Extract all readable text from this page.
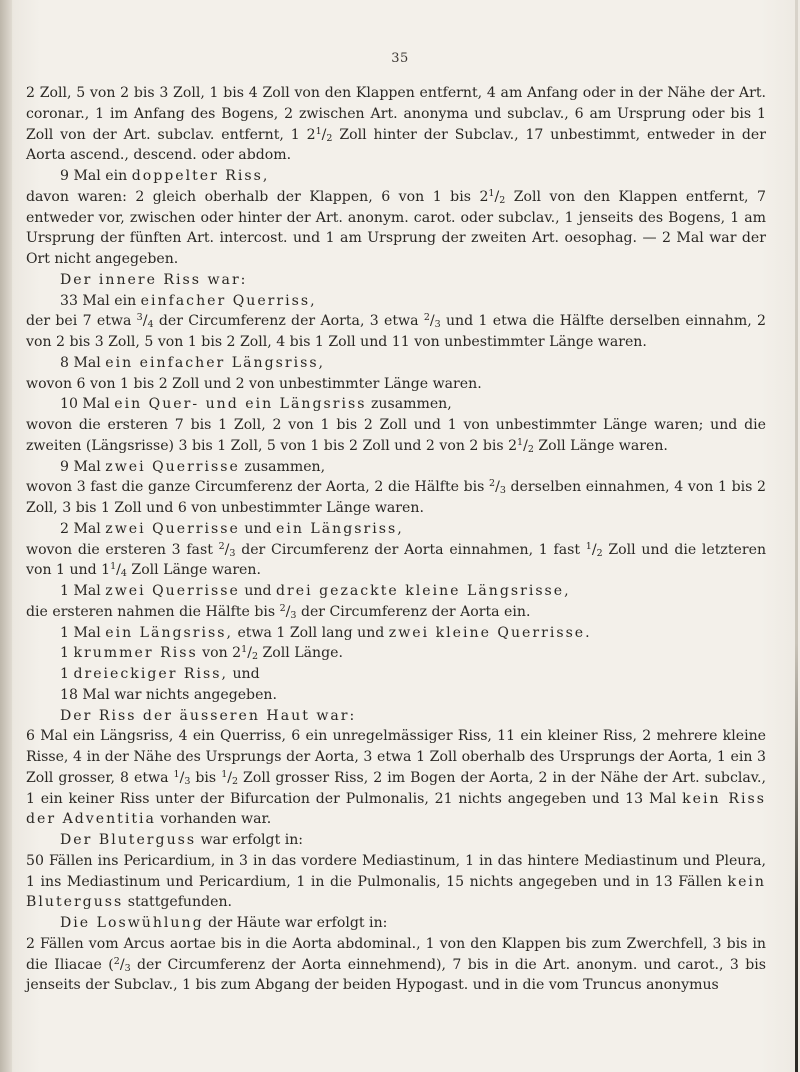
35

2 Zoll, 5 von 2 bis 3 Zoll, 1 bis 4 Zoll von den Klappen entfernt, 4 am Anfang oder in der Nähe der Art. coronar., 1 im Anfang des Bogens, 2 zwischen Art. anonyma und subclav., 6 am Ursprung oder bis 1 Zoll von der Art. subclav. entfernt, 1 $2^1/_2$ Zoll hinter der Subclav., 17 unbestimmt, entweder in der Aorta ascend., descend. oder abdom.

9 Mal ein doppelter Riss,

davon waren: 2 gleich oberhalb der Klappen, 6 von 1 bis $2^1/_2$ Zoll von den Klappen entfernt, 7 entweder vor, zwischen oder hinter der Art. anonym. carot. oder subclav., 1 jenseits des Bogens, 1 am Ursprung der fünften Art. intercost. und 1 am Ursprung der zweiten Art. oesophag. — 2 Mal war der Ort nicht angegeben.

Der innere Riss war:

33 Mal ein einfacher Querriss,

der bei 7 etwa $^3/_4$ der Circumferenz der Aorta, 3 etwa $^2/_3$ und 1 etwa die Hälfte derselben einnahm, 2 von 2 bis 3 Zoll, 5 von 1 bis 2 Zoll, 4 bis 1 Zoll und 11 von unbestimmter Länge waren.

8 Mal ein einfacher Längsriss,

wovon 6 von 1 bis 2 Zoll und 2 von unbestimmter Länge waren.

10 Mal ein Quer- und ein Längsriss zusammen,

wovon die ersteren 7 bis 1 Zoll, 2 von 1 bis 2 Zoll und 1 von unbestimmter Länge waren; und die zweiten (Längsrisse) 3 bis 1 Zoll, 5 von 1 bis 2 Zoll und 2 von 2 bis $2^1/_2$ Zoll Länge waren.

9 Mal zwei Querrisse zusammen,

wovon 3 fast die ganze Circumferenz der Aorta, 2 die Hälfte bis $^2/_3$ derselben einnahmen, 4 von 1 bis 2 Zoll, 3 bis 1 Zoll und 6 von unbestimmter Länge waren.

2 Mal zwei Querrisse und ein Längsriss,

wovon die ersteren 3 fast $^2/_3$ der Circumferenz der Aorta einnahmen, 1 fast $^1/_2$ Zoll und die letzteren von 1 und $1^1/_4$ Zoll Länge waren.

1 Mal zwei Querrisse und drei gezackte kleine Längsrisse,

die ersteren nahmen die Hälfte bis $^2/_3$ der Circumferenz der Aorta ein.

1 Mal ein Längsriss, etwa 1 Zoll lang und zwei kleine Querrisse.

1 krummer Riss von $2^1/_2$ Zoll Länge.

1 dreieckiger Riss, und

18 Mal war nichts angegeben.

Der Riss der äusseren Haut war:

6 Mal ein Längsriss, 4 ein Querriss, 6 ein unregelmässiger Riss, 11 ein kleiner Riss, 2 mehrere kleine Risse, 4 in der Nähe des Ursprungs der Aorta, 3 etwa 1 Zoll oberhalb des Ursprungs der Aorta, 1 ein 3 Zoll grosser, 8 etwa $^1/_3$ bis $^1/_2$ Zoll grosser Riss, 2 im Bogen der Aorta, 2 in der Nähe der Art. subclav., 1 ein keiner Riss unter der Bifurcation der Pulmonalis, 21 nichts angegeben und 13 Mal kein Riss der Adventitia vorhanden war.

Der Bluterguss war erfolgt in:

50 Fällen ins Pericardium, in 3 in das vordere Mediastinum, 1 in das hintere Mediastinum und Pleura, 1 ins Mediastinum und Pericardium, 1 in die Pulmonalis, 15 nichts angegeben und in 13 Fällen kein Bluterguss stattgefunden.

Die Loswühlung der Häute war erfolgt in:

2 Fällen vom Arcus aortae bis in die Aorta abdominal., 1 von den Klappen bis zum Zwerchfell, 3 bis in die Iliacae ($^2/_3$ der Circumferenz der Aorta einnehmend), 7 bis in die Art. anonym. und carot., 3 bis jenseits der Subclav., 1 bis zum Abgang der beiden Hypogast. und in die vom Truncus anonymus
